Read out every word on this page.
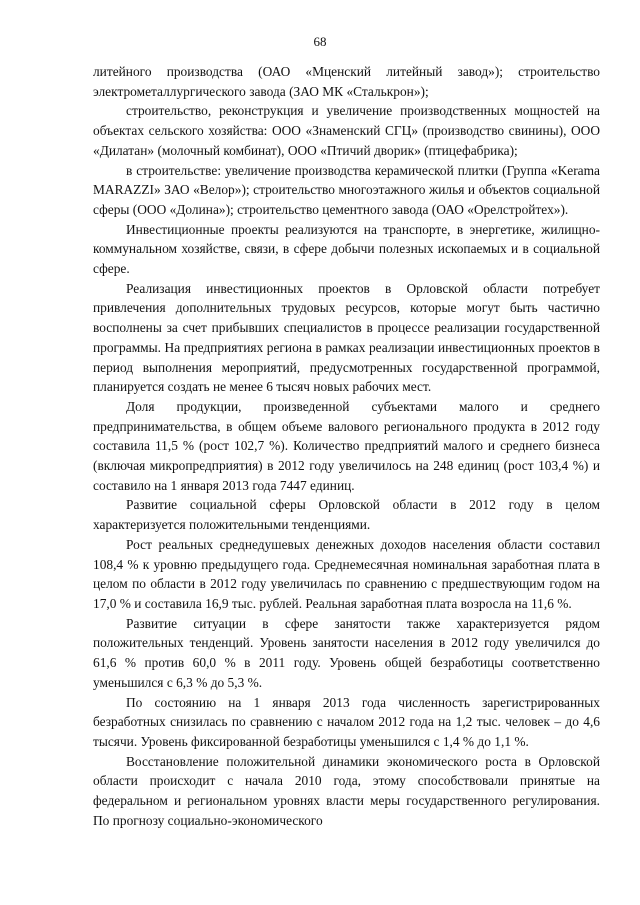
68

литейного производства (ОАО «Мценский литейный завод»); строительство электрометаллургического завода (ЗАО МК «Сталькрон»);

строительство, реконструкция и увеличение производственных мощностей на объектах сельского хозяйства: ООО «Знаменский СГЦ» (производство свинины), ООО «Дилатан» (молочный комбинат), ООО «Птичий дворик» (птицефабрика);

в строительстве: увеличение производства керамической плитки (Группа «Kerama MARAZZI» ЗАО «Велор»); строительство многоэтажного жилья и объектов социальной сферы (ООО «Долина»); строительство цементного завода (ОАО «Орелстройтех»).

Инвестиционные проекты реализуются на транспорте, в энергетике, жилищно-коммунальном хозяйстве, связи, в сфере добычи полезных ископаемых и в социальной сфере.

Реализация инвестиционных проектов в Орловской области потребует привлечения дополнительных трудовых ресурсов, которые могут быть частично восполнены за счет прибывших специалистов в процессе реализации государственной программы. На предприятиях региона в рамках реализации инвестиционных проектов в период выполнения мероприятий, предусмотренных государственной программой, планируется создать не менее 6 тысяч новых рабочих мест.

Доля продукции, произведенной субъектами малого и среднего предпринимательства, в общем объеме валового регионального продукта в 2012 году составила 11,5 % (рост 102,7 %). Количество предприятий малого и среднего бизнеса (включая микропредприятия) в 2012 году увеличилось на 248 единиц (рост 103,4 %) и составило на 1 января 2013 года 7447 единиц.

Развитие социальной сферы Орловской области в 2012 году в целом характеризуется положительными тенденциями.

Рост реальных среднедушевых денежных доходов населения области составил 108,4 % к уровню предыдущего года. Среднемесячная номинальная заработная плата в целом по области в 2012 году увеличилась по сравнению с предшествующим годом на 17,0 % и составила 16,9 тыс. рублей. Реальная заработная плата возросла на 11,6 %.

Развитие ситуации в сфере занятости также характеризуется рядом положительных тенденций. Уровень занятости населения в 2012 году увеличился до 61,6 % против 60,0 % в 2011 году. Уровень общей безработицы соответственно уменьшился с 6,3 % до 5,3 %.

По состоянию на 1 января 2013 года численность зарегистрированных безработных снизилась по сравнению с началом 2012 года на 1,2 тыс. человек – до 4,6 тысячи. Уровень фиксированной безработицы уменьшился с 1,4 % до 1,1 %.

Восстановление положительной динамики экономического роста в Орловской области происходит с начала 2010 года, этому способствовали принятые на федеральном и региональном уровнях власти меры государственного регулирования. По прогнозу социально-экономического
